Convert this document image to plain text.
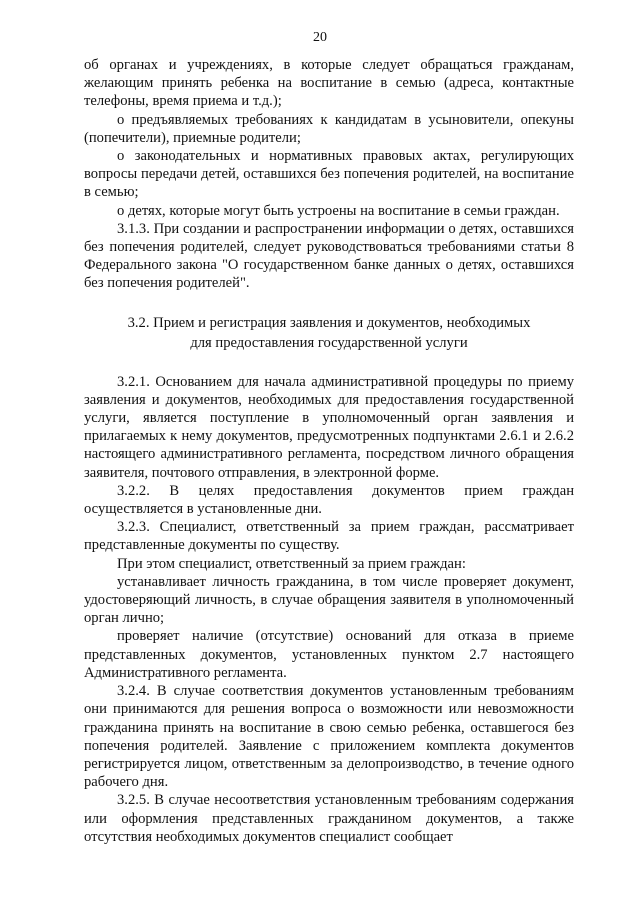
20

об органах и учреждениях, в которые следует обращаться гражданам, желающим принять ребенка на воспитание в семью (адреса, контактные телефоны, время приема и т.д.);

о предъявляемых требованиях к кандидатам в усыновители, опекуны (попечители), приемные родители;

о законодательных и нормативных правовых актах, регулирующих вопросы передачи детей, оставшихся без попечения родителей, на воспитание в семью;

о детях, которые могут быть устроены на воспитание в семьи граждан.

3.1.3. При создании и распространении информации о детях, оставшихся без попечения родителей, следует руководствоваться требованиями статьи 8 Федерального закона "О государственном банке данных о детях, оставшихся без попечения родителей".

3.2. Прием и регистрация заявления и документов, необходимых
для предоставления государственной услуги

3.2.1. Основанием для начала административной процедуры по приему заявления и документов, необходимых для предоставления государственной услуги, является поступление в уполномоченный орган заявления и прилагаемых к нему документов, предусмотренных подпунктами 2.6.1 и 2.6.2 настоящего административного регламента, посредством личного обращения заявителя, почтового отправления, в электронной форме.

3.2.2. В целях предоставления документов прием граждан осуществляется в установленные дни.

3.2.3. Специалист, ответственный за прием граждан, рассматривает представленные документы по существу.

При этом специалист, ответственный за прием граждан:

устанавливает личность гражданина, в том числе проверяет документ, удостоверяющий личность, в случае обращения заявителя в уполномоченный орган лично;

проверяет наличие (отсутствие) оснований для отказа в приеме представленных документов, установленных пунктом 2.7 настоящего Административного регламента.

3.2.4. В случае соответствия документов установленным требованиям они принимаются для решения вопроса о возможности или невозможности гражданина принять на воспитание в свою семью ребенка, оставшегося без попечения родителей. Заявление с приложением комплекта документов регистрируется лицом, ответственным за делопроизводство, в течение одного рабочего дня.

3.2.5. В случае несоответствия установленным требованиям содержания или оформления представленных гражданином документов, а также отсутствия необходимых документов специалист сообщает
